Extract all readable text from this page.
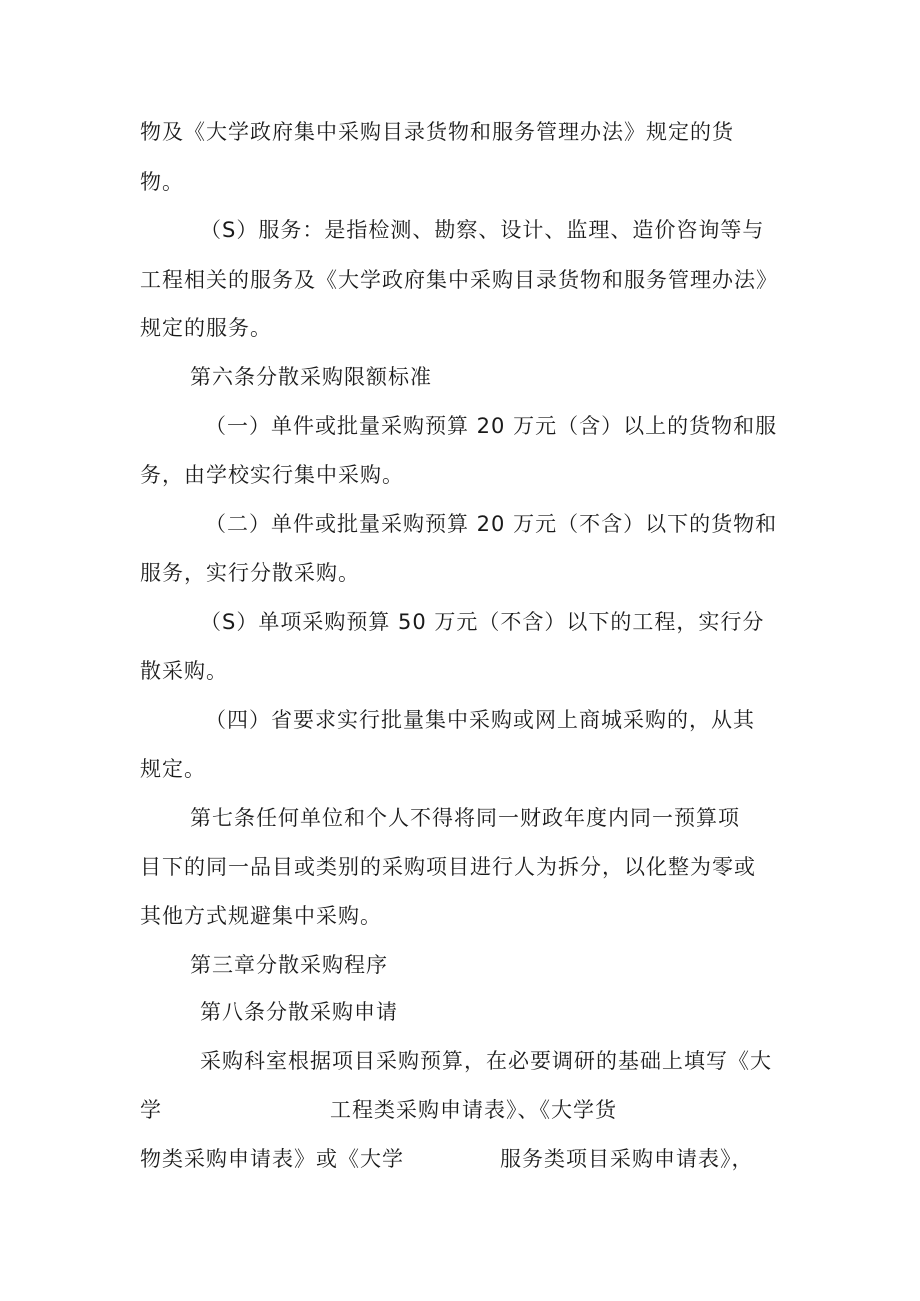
物及《大学政府集中采购目录货物和服务管理办法》规定的货
物。
（S）服务：是指检测、勘察、设计、监理、造价咨询等与
工程相关的服务及《大学政府集中采购目录货物和服务管理办法》
规定的服务。
第六条分散采购限额标准
（一）单件或批量采购预算 20 万元（含）以上的货物和服
务，由学校实行集中采购。
（二）单件或批量采购预算 20 万元（不含）以下的货物和
服务，实行分散采购。
（S）单项采购预算 50 万元（不含）以下的工程，实行分
散采购。
（四）省要求实行批量集中采购或网上商城采购的，从其
规定。
第七条任何单位和个人不得将同一财政年度内同一预算项
目下的同一品目或类别的采购项目进行人为拆分，以化整为零或
其他方式规避集中采购。
第三章分散采购程序
第八条分散采购申请
采购科室根据项目采购预算，在必要调研的基础上填写《大
学	工程类采购申请表》、《大学货
物类采购申请表》或《大学	服务类项目采购申请表》，
